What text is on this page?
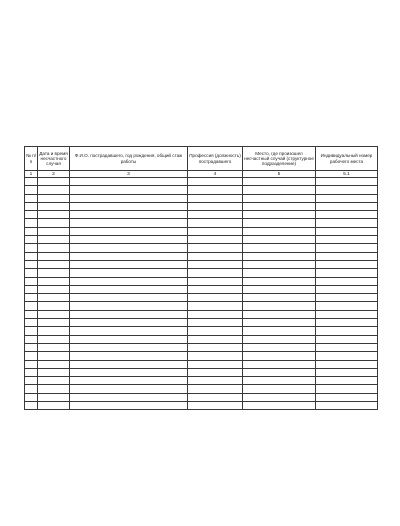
№ п/п	Дата и время несчастного случая	Ф.И.О. пострадавшего, год рождения, общий стаж работы	Профессия (должность) пострадавшего	Место, где произошел несчастный случай (структурное подразделение)	Индивидуальный номер рабочего места

1	2	3	4	5	5.1
